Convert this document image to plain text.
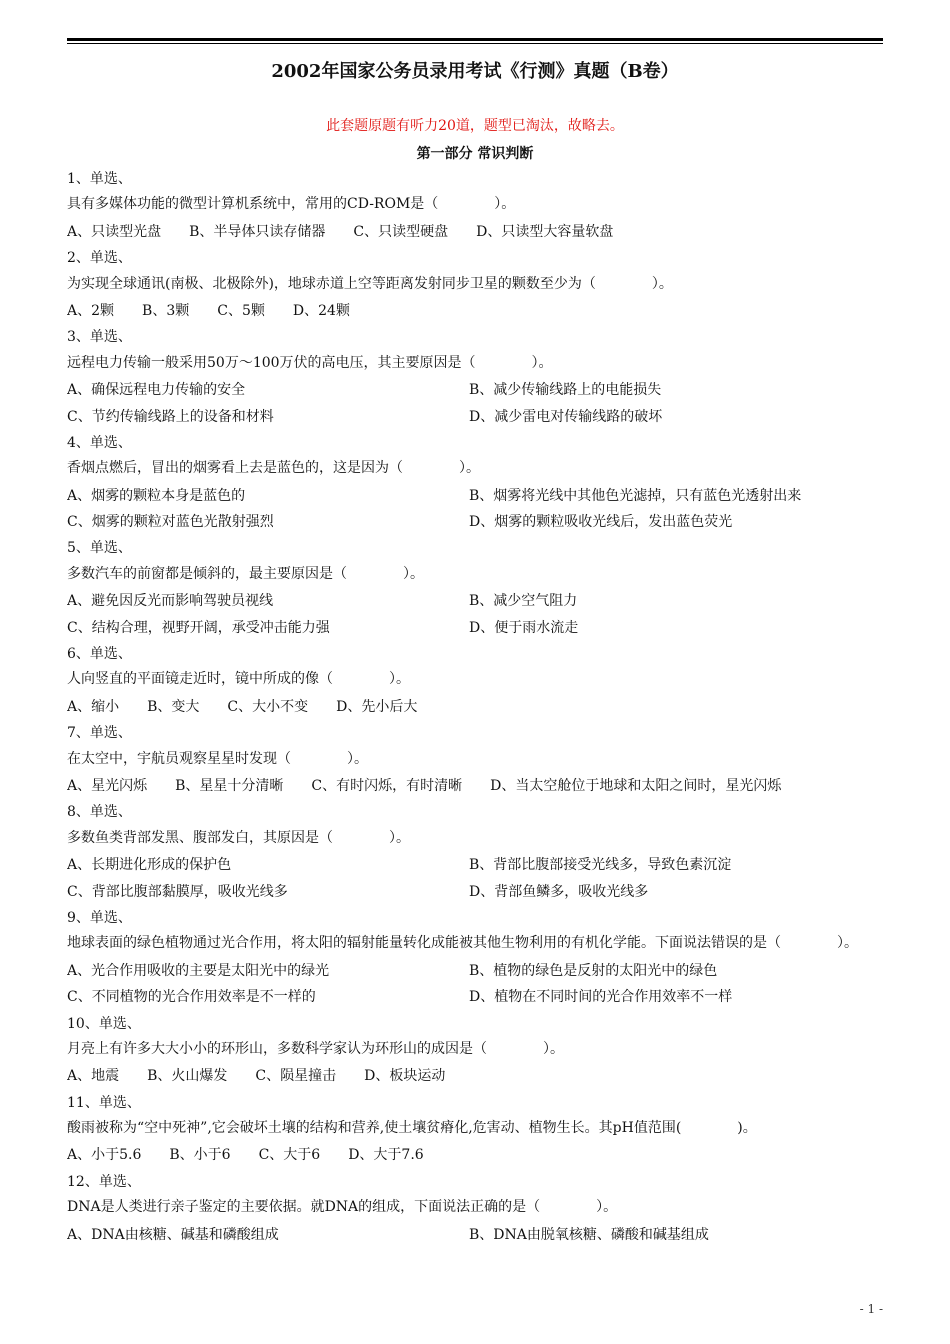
2002年国家公务员录用考试《行测》真题（B卷）
此套题原题有听力20道，题型已淘汰，故略去。
第一部分 常识判断
1、单选、
具有多媒体功能的微型计算机系统中，常用的CD-ROM是（　　　　）。
A、只读型光盘 B、半导体只读存储器 C、只读型硬盘 D、只读型大容量软盘
2、单选、
为实现全球通讯(南极、北极除外)，地球赤道上空等距离发射同步卫星的颗数至少为（　　　　）。
A、2颗 B、3颗 C、5颗 D、24颗
3、单选、
远程电力传输一般采用50万～100万伏的高电压，其主要原因是（　　　　）。
A、确保远程电力传输的安全	B、减少传输线路上的电能损失
C、节约传输线路上的设备和材料	D、减少雷电对传输线路的破坏
4、单选、
香烟点燃后，冒出的烟雾看上去是蓝色的，这是因为（　　　　）。
A、烟雾的颗粒本身是蓝色的	B、烟雾将光线中其他色光滤掉，只有蓝色光透射出来
C、烟雾的颗粒对蓝色光散射强烈	D、烟雾的颗粒吸收光线后，发出蓝色荧光
5、单选、
多数汽车的前窗都是倾斜的，最主要原因是（　　　　）。
A、避免因反光而影响驾驶员视线	B、减少空气阻力
C、结构合理，视野开阔，承受冲击能力强	D、便于雨水流走
6、单选、
人向竖直的平面镜走近时，镜中所成的像（　　　　）。
A、缩小 B、变大 C、大小不变 D、先小后大
7、单选、
在太空中，宇航员观察星星时发现（　　　　）。
A、星光闪烁 B、星星十分清晰 C、有时闪烁，有时清晰 D、当太空舱位于地球和太阳之间时，星光闪烁
8、单选、
多数鱼类背部发黑、腹部发白，其原因是（　　　　）。
A、长期进化形成的保护色	B、背部比腹部接受光线多，导致色素沉淀
C、背部比腹部黏膜厚，吸收光线多	D、背部鱼鳞多，吸收光线多
9、单选、
地球表面的绿色植物通过光合作用，将太阳的辐射能量转化成能被其他生物利用的有机化学能。下面说法错误的是（　　　　）。
A、光合作用吸收的主要是太阳光中的绿光	B、植物的绿色是反射的太阳光中的绿色
C、不同植物的光合作用效率是不一样的	D、植物在不同时间的光合作用效率不一样
10、单选、
月亮上有许多大大小小的环形山，多数科学家认为环形山的成因是（　　　　）。
A、地震 B、火山爆发 C、陨星撞击 D、板块运动
11、单选、
酸雨被称为“空中死神”,它会破坏土壤的结构和营养,使土壤贫瘠化,危害动、植物生长。其pH值范围(　　　　)。
A、小于5.6 B、小于6 C、大于6 D、大于7.6
12、单选、
DNA是人类进行亲子鉴定的主要依据。就DNA的组成，下面说法正确的是（　　　　）。
A、DNA由核糖、碱基和磷酸组成	B、DNA由脱氧核糖、磷酸和碱基组成
- 1 -
